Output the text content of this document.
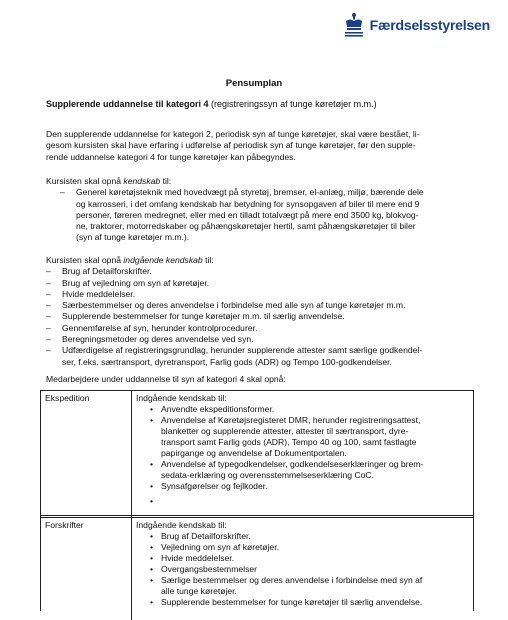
Færdselsstyrelsen
Pensumplan
Supplerende uddannelse til kategori 4 (registreringssyn af tunge køretøjer m.m.)
Den supplerende uddannelse for kategori 2, periodisk syn af tunge køretøjer, skal være bestået, li-
gesom kursisten skal have erfaring i udførelse af periodisk syn af tunge køretøjer, før den supple-
rende uddannelse kategori 4 for tunge køretøjer kan påbegyndes.
Kursisten skal opnå kendskab til:
– Generel køretøjsteknik med hovedvægt på styretøj, bremser, el-anlæg, miljø, bærende dele
og karrosseri, i det omfang kendskab har betydning for synsopgaven af biler til mere end 9
personer, føreren medregnet, eller med en tilladt totalvægt på mere end 3500 kg, blokvog-
ne, traktorer, motorredskaber og påhængskøretøjer hertil, samt påhængskøretøjer til biler
(syn af tunge køretøjer m.m.).
Kursisten skal opnå indgående kendskab til:
– Brug af Detailforskrifter.
– Brug af vejledning om syn af køretøjer.
– Hvide meddelelser.
– Særbestemmelser og deres anvendelse i forbindelse med alle syn af tunge køretøjer m.m.
– Supplerende bestemmelser for tunge køretøjer m.m. til særlig anvendelse.
– Gennemførelse af syn, herunder kontrolprocedurer.
– Beregningsmetoder og deres anvendelse ved syn.
– Udfærdigelse af registreringsgrundlag, herunder supplerende attester samt særlige godkendel-
ser, f.eks. særtransport, dyretransport, Farlig gods (ADR) og Tempo 100-godkendelser.
Medarbejdere under uddannelse til syn af kategori 4 skal opnå:
Ekspedition	Indgående kendskab til:
• Anvendte ekspeditionsformer.
• Anvendelse af Køretøjsregisteret DMR, herunder registreringsattest,
blanketter og supplerende attester, attester til særtransport, dyre-
transport samt Farlig gods (ADR), Tempo 40 og 100, samt fastlagte
papirgange og anvendelse af Dokumentportalen.
• Anvendelse af typegodkendelser, godkendelseserklæringer og brem-
sedata-erklæring og overensstemmelseserklæring CoC.
• Synsafgørelser og fejlkoder.
•

Forskrifter	Indgående kendskab til:
• Brug af Detailforskrifter.
• Vejledning om syn af køretøjer.
• Hvide meddelelser.
• Overgangsbestemmelser
• Særlige bestemmelser og deres anvendelse i forbindelse med syn af
alle tunge køretøjer.
• Supplerende bestemmelser for tunge køretøjer til særlig anvendelse.
